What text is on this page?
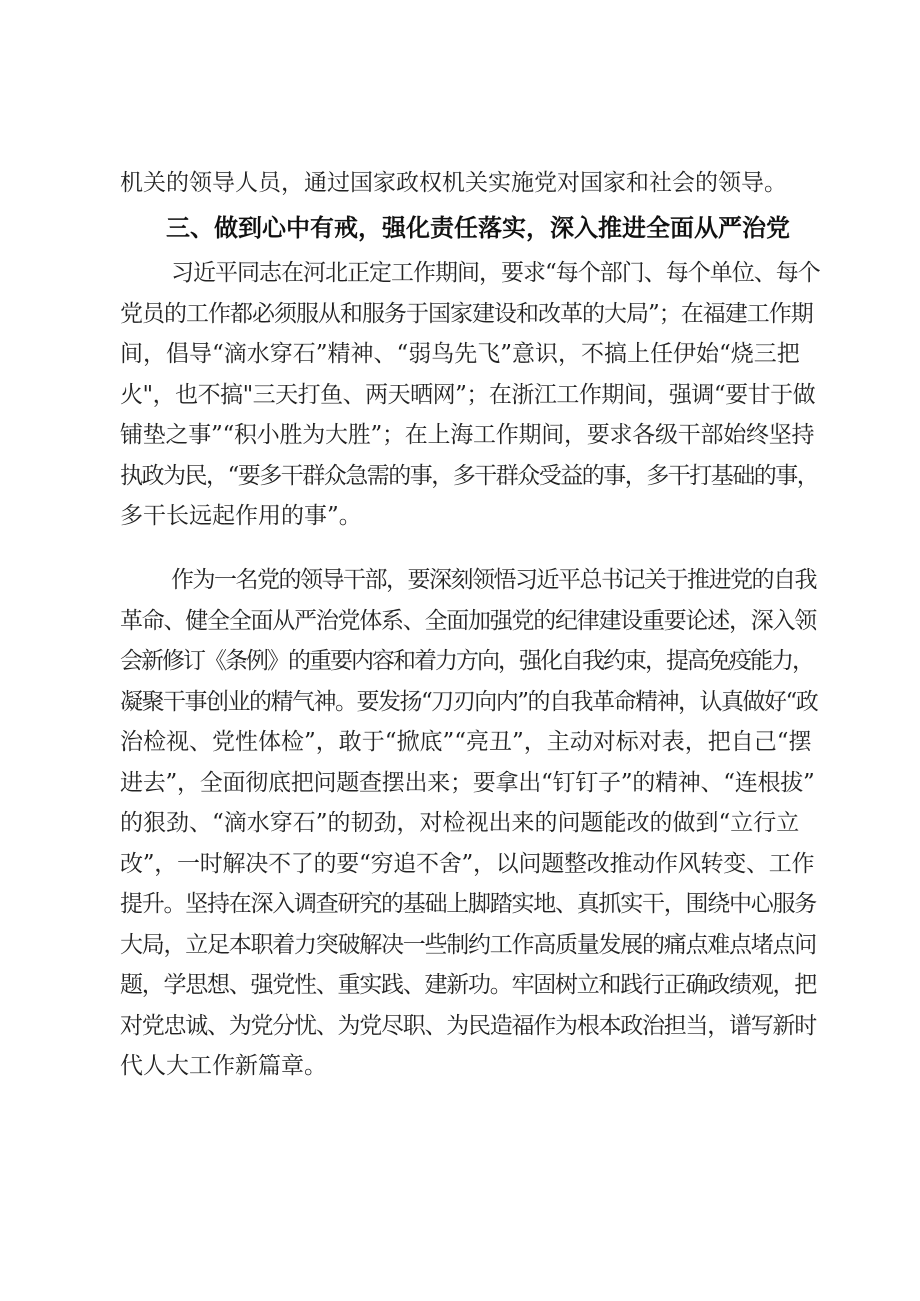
机关的领导人员，通过国家政权机关实施党对国家和社会的领导。
三、做到心中有戒，强化责任落实，深入推进全面从严治党
习近平同志在河北正定工作期间，要求“每个部门、每个单位、每个
党员的工作都必须服从和服务于国家建设和改革的大局”；在福建工作期
间，倡导“滴水穿石”精神、“弱鸟先飞”意识，不搞上任伊始“烧三把
火"，也不搞"三天打鱼、两天晒网”；在浙江工作期间，强调“要甘于做
铺垫之事”“积小胜为大胜”；在上海工作期间，要求各级干部始终坚持
执政为民，“要多干群众急需的事，多干群众受益的事，多干打基础的事，
多干长远起作用的事”。
作为一名党的领导干部，要深刻领悟习近平总书记关于推进党的自我
革命、健全全面从严治党体系、全面加强党的纪律建设重要论述，深入领
会新修订《条例》的重要内容和着力方向，强化自我约束，提高免疫能力，
凝聚干事创业的精气神。要发扬“刀刃向内”的自我革命精神，认真做好“政
治检视、党性体检”，敢于“掀底”“亮丑”，主动对标对表，把自己“摆
进去”，全面彻底把问题查摆出来；要拿出“钉钉子”的精神、“连根拔”
的狠劲、“滴水穿石”的韧劲，对检视出来的问题能改的做到“立行立
改”，一时解决不了的要“穷追不舍”，以问题整改推动作风转变、工作
提升。坚持在深入调查研究的基础上脚踏实地、真抓实干，围绕中心服务
大局，立足本职着力突破解决一些制约工作高质量发展的痛点难点堵点问
题，学思想、强党性、重实践、建新功。牢固树立和践行正确政绩观，把
对党忠诚、为党分忧、为党尽职、为民造福作为根本政治担当，谱写新时
代人大工作新篇章。
